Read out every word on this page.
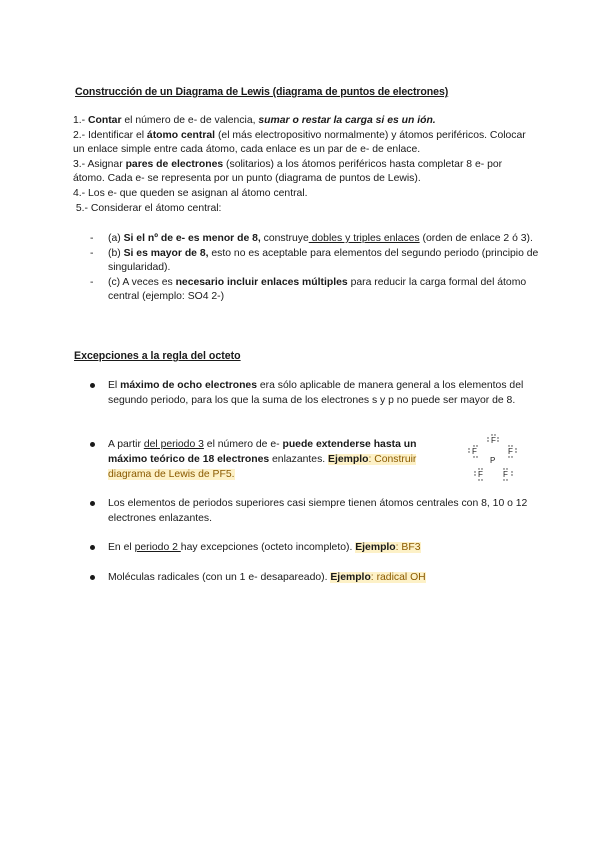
Construcción de un Diagrama de Lewis (diagrama de puntos de electrones)

1.- Contar el número de e- de valencia, sumar o restar la carga si es un ión.

2.- Identificar el átomo central (el más electropositivo normalmente) y átomos periféricos. Colocar un enlace simple entre cada átomo, cada enlace es un par de e- de enlace.

3.- Asignar pares de electrones (solitarios) a los átomos periféricos hasta completar 8 e- por átomo. Cada e- se representa por un punto (diagrama de puntos de Lewis).

4.- Los e- que queden se asignan al átomo central.

5.- Considerar el átomo central:

- (a) Si el nº de e- es menor de 8, construye dobles y triples enlaces (orden de enlace 2 ó 3).
- (b) Si es mayor de 8, esto no es aceptable para elementos del segundo periodo (principio de singularidad).
- (c) A veces es necesario incluir enlaces múltiples para reducir la carga formal del átomo central (ejemplo: SO4 2-)
Excepciones a la regla del octeto
El máximo de ocho electrones era sólo aplicable de manera general a los elementos del segundo periodo, para los que la suma de los electrones s y p no puede ser mayor de 8.
A partir del periodo 3 el número de e- puede extenderse hasta un máximo teórico de 18 electrones enlazantes. Ejemplo: Construir diagrama de Lewis de PF5.
Los elementos de periodos superiores casi siempre tienen átomos centrales con 8, 10 o 12 electrones enlazantes.
En el periodo 2 hay excepciones (octeto incompleto). Ejemplo: BF3
Moléculas radicales (con un 1 e- desapareado). Ejemplo: radical OH
F
F	F
P
F	F
